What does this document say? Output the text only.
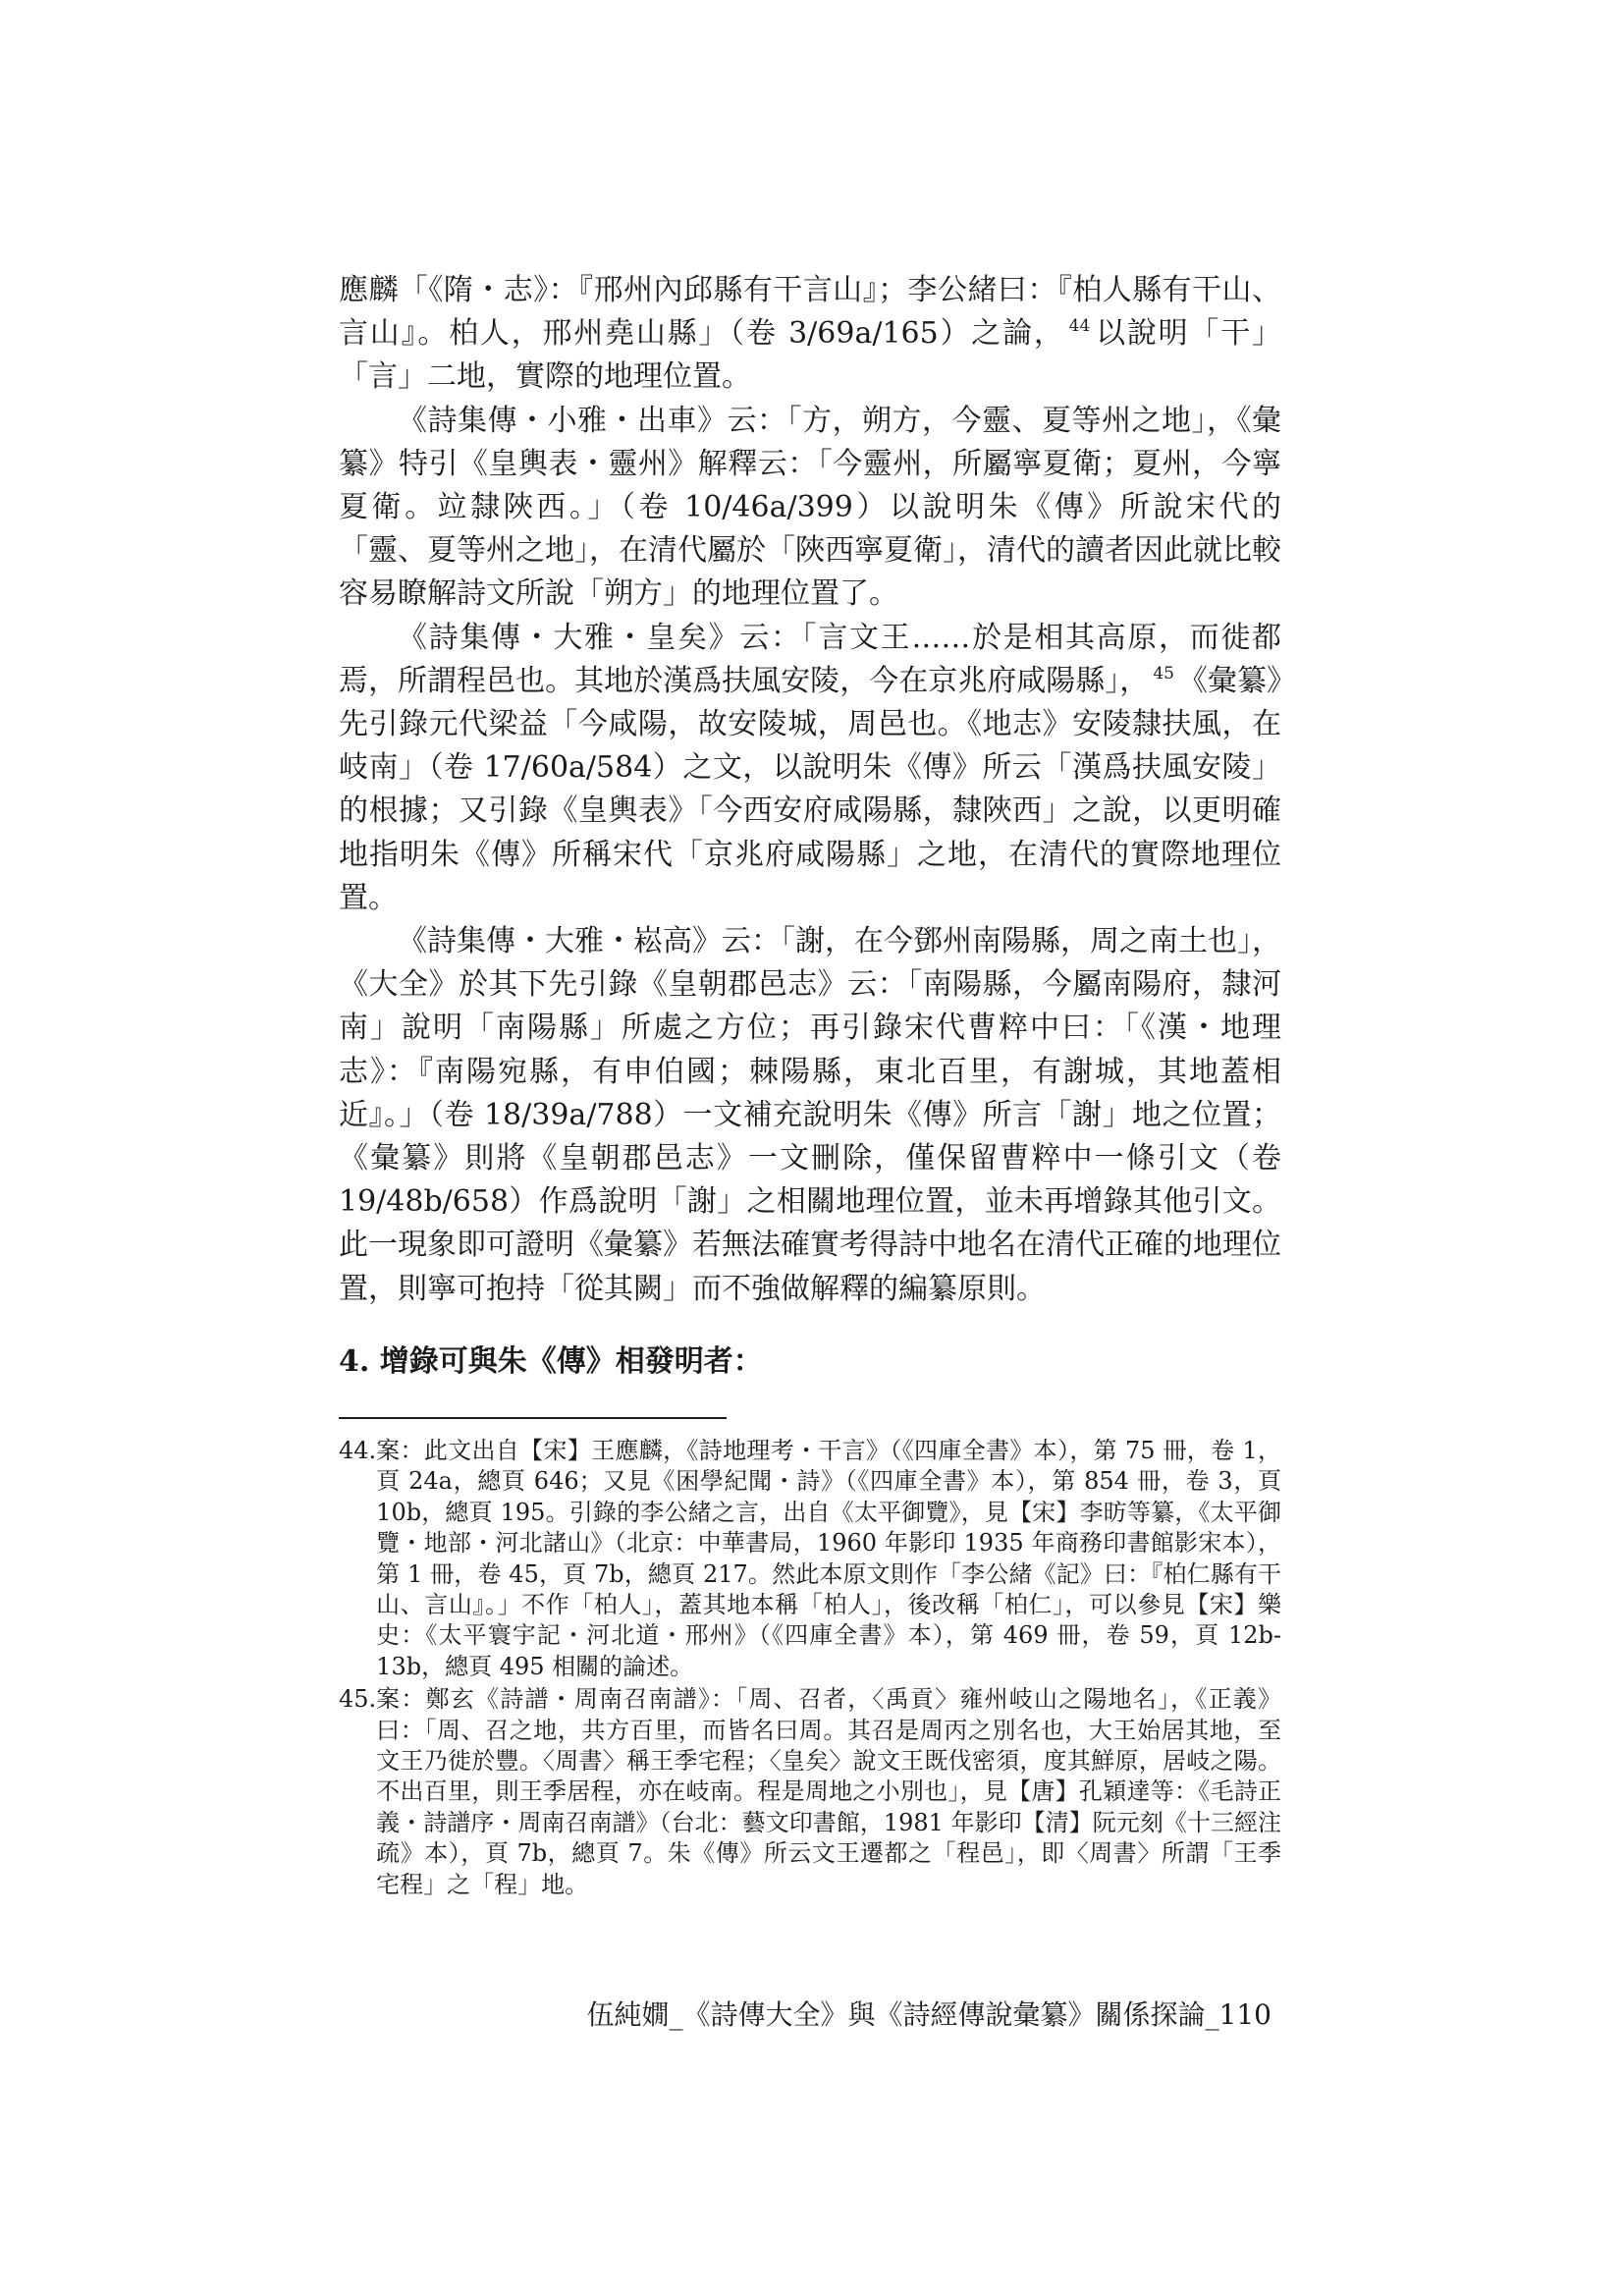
應麟「《隋・志》：『邢州內邱縣有干言山』；李公緒曰：『柏人縣有干山、言山』。柏人，邢州堯山縣」（卷 3/69a/165）之論， $^{44}$ 以說明「干」「言」二地，實際的地理位置。

《詩集傳・小雅・出車》云：「方，朔方，今靈、夏等州之地」，《彙纂》特引《皇輿表・靈州》解釋云：「今靈州，所屬寧夏衛；夏州，今寧夏衛。竝隸陜西。」（卷 10/46a/399）以說明朱《傳》所說宋代的「靈、夏等州之地」，在清代屬於「陜西寧夏衛」，清代的讀者因此就比較容易瞭解詩文所說「朔方」的地理位置了。

《詩集傳・大雅・皇矣》云：「言文王……於是相其高原，而徙都焉，所謂程邑也。其地於漢爲扶風安陵，今在京兆府咸陽縣」， $^{45}$ 《彙纂》先引錄元代梁益「今咸陽，故安陵城，周邑也。《地志》安陵隸扶風，在岐南」（卷 17/60a/584）之文，以說明朱《傳》所云「漢爲扶風安陵」的根據；又引錄《皇輿表》「今西安府咸陽縣，隸陜西」之說，以更明確地指明朱《傳》所稱宋代「京兆府咸陽縣」之地，在清代的實際地理位置。

《詩集傳・大雅・崧高》云：「謝，在今鄧州南陽縣，周之南土也」，《大全》於其下先引錄《皇朝郡邑志》云：「南陽縣，今屬南陽府，隸河南」說明「南陽縣」所處之方位；再引錄宋代曹粹中曰：「《漢・地理志》：『南陽宛縣，有申伯國；棘陽縣，東北百里，有謝城，其地蓋相近』。」（卷 18/39a/788）一文補充說明朱《傳》所言「謝」地之位置；《彙纂》則將《皇朝郡邑志》一文刪除，僅保留曹粹中一條引文（卷 19/48b/658）作爲說明「謝」之相關地理位置，並未再增錄其他引文。此一現象即可證明《彙纂》若無法確實考得詩中地名在清代正確的地理位置，則寧可抱持「從其闕」而不強做解釋的編纂原則。

4. 增錄可與朱《傳》相發明者：
44. 案：此文出自【宋】王應麟，《詩地理考・干言》（《四庫全書》本），第 75 冊，卷 1，頁 24a，總頁 646；又見《困學紀聞・詩》（《四庫全書》本），第 854 冊，卷 3，頁 10b，總頁 195。引錄的李公緒之言，出自《太平御覽》，見【宋】李昉等纂，《太平御覽・地部・河北諸山》（北京：中華書局，1960 年影印 1935 年商務印書館影宋本），第 1 冊，卷 45，頁 7b，總頁 217。然此本原文則作「李公緒《記》曰：『柏仁縣有干山、言山』。」不作「柏人」，蓋其地本稱「柏人」，後改稱「柏仁」，可以參見【宋】樂史：《太平寰宇記・河北道・邢州》（《四庫全書》本），第 469 冊，卷 59，頁 12b-13b，總頁 495 相關的論述。
45. 案：鄭玄《詩譜・周南召南譜》：「周、召者，〈禹貢〉雍州岐山之陽地名」，《正義》曰：「周、召之地，共方百里，而皆名曰周。其召是周丙之別名也，大王始居其地，至文王乃徙於豐。〈周書〉稱王季宅程；〈皇矣〉說文王既伐密須，度其鮮原，居岐之陽。不出百里，則王季居程，亦在岐南。程是周地之小別也」，見【唐】孔穎達等：《毛詩正義・詩譜序・周南召南譜》（台北：藝文印書館，1981 年影印【清】阮元刻《十三經注疏》本），頁 7b，總頁 7。朱《傳》所云文王遷都之「程邑」，即〈周書〉所謂「王季宅程」之「程」地。
伍純嫺_《詩傳大全》與《詩經傳說彙纂》關係探論_110
